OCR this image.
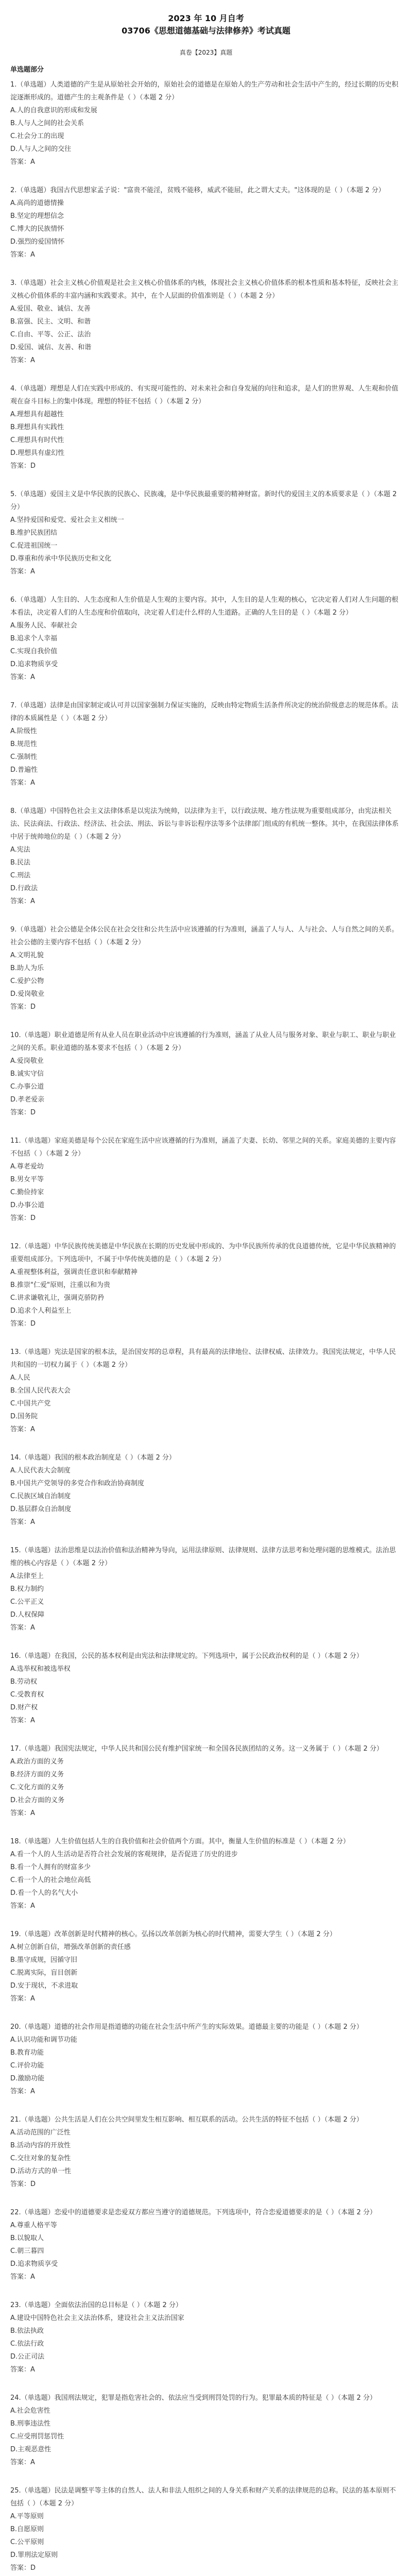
2023 年 10 月自考
03706《思想道德基础与法律修养》考试真题
真卷【2023】真题
单选题部分

1.（单选题）人类道德的产生是从原始社会开始的，原始社会的道德是在原始人的生产劳动和社会生活中产生的，经过长期的历史积淀逐渐形成的。道德产生的主观条件是（ ）（本题 2 分）

A.人的自我意识的形成和发展

B.人与人之间的社会关系

C.社会分工的出现

D.人与人之间的交往

答案：A

2.（单选题）我国古代思想家孟子说："富贵不能淫，贫贱不能移，威武不能屈，此之谓大丈夫。"这体现的是（ ）（本题 2 分）

A.高尚的道德情操

B.坚定的理想信念

C.博大的民族情怀

D.强烈的爱国情怀

答案：A

3.（单选题）社会主义核心价值观是社会主义核心价值体系的内核，体现社会主义核心价值体系的根本性质和基本特征，反映社会主义核心价值体系的丰富内涵和实践要求。其中，在个人层面的价值准则是（ ）（本题 2 分）

A.爱国、敬业、诚信、友善

B.富强、民主、文明、和谐

C.自由、平等、公正、法治

D.爱国、诚信、友善、和谐

答案：A

4.（单选题）理想是人们在实践中形成的、有实现可能性的、对未来社会和自身发展的向往和追求，是人们的世界观、人生观和价值观在奋斗目标上的集中体现。理想的特征不包括（ ）（本题 2 分）

A.理想具有超越性

B.理想具有实践性

C.理想具有时代性

D.理想具有虚幻性

答案：D

5.（单选题）爱国主义是中华民族的民族心、民族魂，是中华民族最重要的精神财富。新时代的爱国主义的本质要求是（ ）（本题 2 分）

A.坚持爱国和爱党、爱社会主义相统一

B.维护民族团结

C.促进祖国统一

D.尊重和传承中华民族历史和文化

答案：A

6.（单选题）人生目的、人生态度和人生价值是人生观的主要内容。其中，人生目的是人生观的核心，它决定着人们对人生问题的根本看法，决定着人们的人生态度和价值取向，决定着人们走什么样的人生道路。正确的人生目的是（ ）（本题 2 分）

A.服务人民、奉献社会

B.追求个人幸福

C.实现自我价值

D.追求物质享受

答案：A

7.（单选题）法律是由国家制定或认可并以国家强制力保证实施的，反映由特定物质生活条件所决定的统治阶级意志的规范体系。法律的本质属性是（ ）（本题 2 分）

A.阶级性

B.规范性

C.强制性

D.普遍性

答案：A

8.（单选题）中国特色社会主义法律体系是以宪法为统帅，以法律为主干，以行政法规、地方性法规为重要组成部分，由宪法相关法、民法商法、行政法、经济法、社会法、刑法、诉讼与非诉讼程序法等多个法律部门组成的有机统一整体。其中，在我国法律体系中居于统帅地位的是（ ）（本题 2 分）

A.宪法

B.民法

C.刑法

D.行政法

答案：A

9.（单选题）社会公德是全体公民在社会交往和公共生活中应该遵循的行为准则，涵盖了人与人、人与社会、人与自然之间的关系。社会公德的主要内容不包括（ ）（本题 2 分）

A.文明礼貌

B.助人为乐

C.爱护公物

D.爱岗敬业

答案：D

10.（单选题）职业道德是所有从业人员在职业活动中应该遵循的行为准则，涵盖了从业人员与服务对象、职业与职工、职业与职业之间的关系。职业道德的基本要求不包括（ ）（本题 2 分）

A.爱岗敬业

B.诚实守信

C.办事公道

D.孝老爱亲

答案：D

11.（单选题）家庭美德是每个公民在家庭生活中应该遵循的行为准则，涵盖了夫妻、长幼、邻里之间的关系。家庭美德的主要内容不包括（ ）（本题 2 分）

A.尊老爱幼

B.男女平等

C.勤俭持家

D.办事公道

答案：D

12.（单选题）中华民族传统美德是中华民族在长期的历史发展中形成的、为中华民族所传承的优良道德传统，它是中华民族精神的重要组成部分。下列选项中，不属于中华传统美德的是（ ）（本题 2 分）

A.重视整体利益，强调责任意识和奉献精神

B.推崇"仁爱"原则，注重以和为贵

C.讲求谦敬礼让，强调克骄防矜

D.追求个人利益至上

答案：D

13.（单选题）宪法是国家的根本法，是治国安邦的总章程，具有最高的法律地位、法律权威、法律效力。我国宪法规定，中华人民共和国的一切权力属于（ ）（本题 2 分）

A.人民

B.全国人民代表大会

C.中国共产党

D.国务院

答案：A

14.（单选题）我国的根本政治制度是（ ）（本题 2 分）

A.人民代表大会制度

B.中国共产党领导的多党合作和政治协商制度

C.民族区域自治制度

D.基层群众自治制度

答案：A

15.（单选题）法治思维是以法治价值和法治精神为导向，运用法律原则、法律规则、法律方法思考和处理问题的思维模式。法治思维的核心内容是（ ）（本题 2 分）

A.法律至上

B.权力制约

C.公平正义

D.人权保障

答案：A

16.（单选题）在我国，公民的基本权利是由宪法和法律规定的。下列选项中，属于公民政治权利的是（ ）（本题 2 分）

A.选举权和被选举权

B.劳动权

C.受教育权

D.财产权

答案：A

17.（单选题）我国宪法规定，中华人民共和国公民有维护国家统一和全国各民族团结的义务。这一义务属于（ ）（本题 2 分）

A.政治方面的义务

B.经济方面的义务

C.文化方面的义务

D.社会方面的义务

答案：A

18.（单选题）人生价值包括人生的自我价值和社会价值两个方面。其中，衡量人生价值的标准是（ ）（本题 2 分）

A.看一个人的人生活动是否符合社会发展的客观规律，是否促进了历史的进步

B.看一个人拥有的财富多少

C.看一个人的社会地位高低

D.看一个人的名气大小

答案：A

19.（单选题）改革创新是时代精神的核心。弘扬以改革创新为核心的时代精神，需要大学生（ ）（本题 2 分）

A.树立创新自信，增强改革创新的责任感

B.墨守成规，因循守旧

C.脱离实际，盲目创新

D.安于现状，不求进取

答案：A

20.（单选题）道德的社会作用是指道德的功能在社会生活中所产生的实际效果。道德最主要的功能是（ ）（本题 2 分）

A.认识功能和调节功能

B.教育功能

C.评价功能

D.激励功能

答案：A

21.（单选题）公共生活是人们在公共空间里发生相互影响、相互联系的活动。公共生活的特征不包括（ ）（本题 2 分）

A.活动范围的广泛性

B.活动内容的开放性

C.交往对象的复杂性

D.活动方式的单一性

答案：D

22.（单选题）恋爱中的道德要求是恋爱双方都应当遵守的道德规范。下列选项中，符合恋爱道德要求的是（ ）（本题 2 分）

A.尊重人格平等

B.以貌取人

C.朝三暮四

D.追求物质享受

答案：A

23.（单选题）全面依法治国的总目标是（ ）（本题 2 分）

A.建设中国特色社会主义法治体系，建设社会主义法治国家

B.依法执政

C.依法行政

D.公正司法

答案：A

24.（单选题）我国刑法规定，犯罪是指危害社会的、依法应当受到刑罚处罚的行为。犯罪最本质的特征是（ ）（本题 2 分）

A.社会危害性

B.刑事违法性

C.应受刑罚惩罚性

D.主观恶意性

答案：A

25.（单选题）民法是调整平等主体的自然人、法人和非法人组织之间的人身关系和财产关系的法律规范的总称。民法的基本原则不包括（ ）（本题 2 分）

A.平等原则

B.自愿原则

C.公平原则

D.罪刑法定原则

答案：D
